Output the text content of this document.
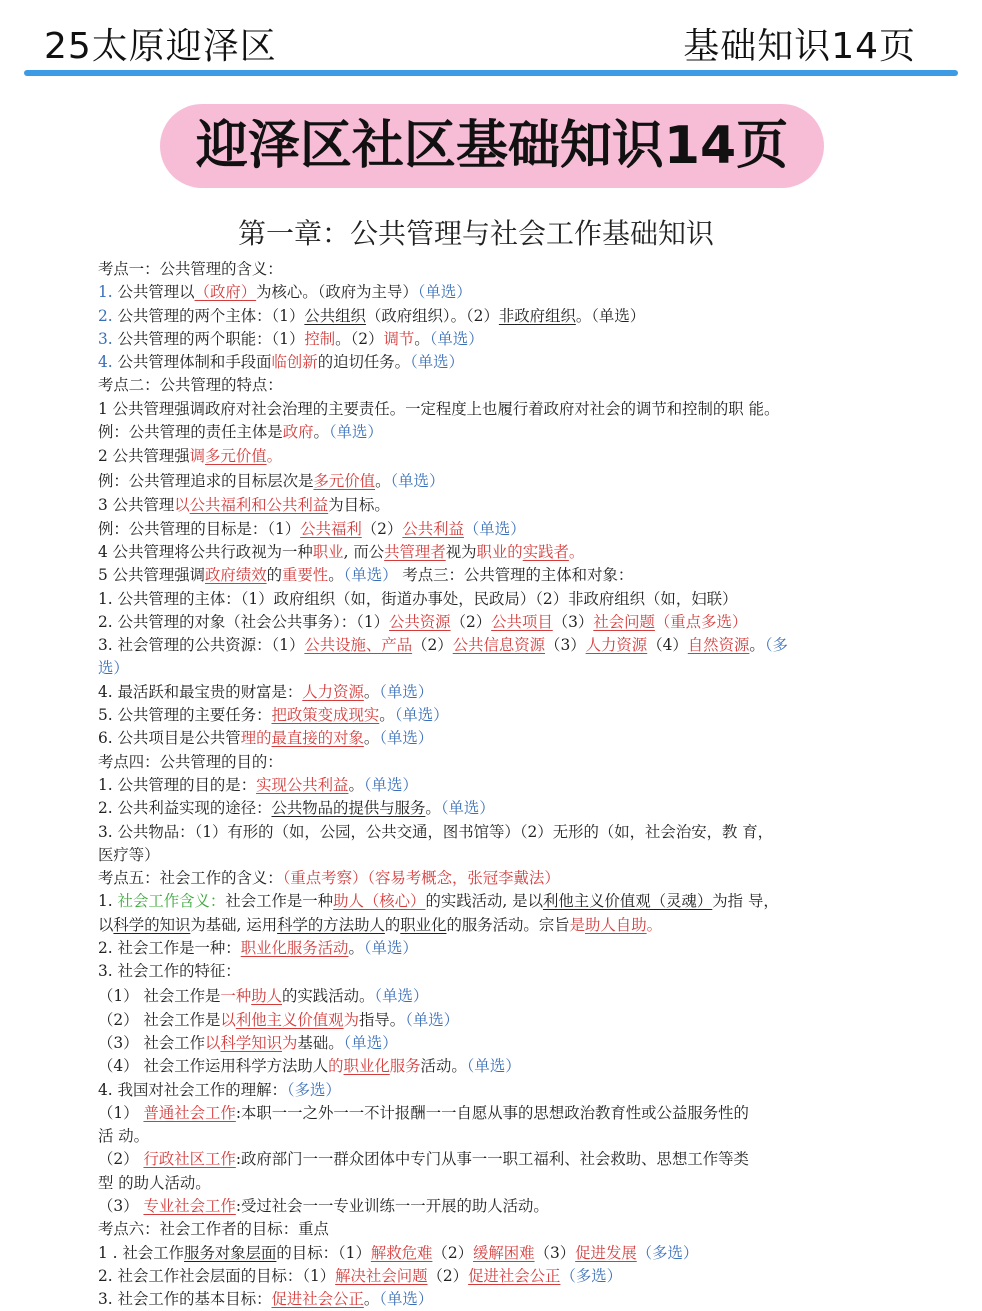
25太原迎泽区	基础知识14页
迎泽区社区基础知识14页
第一章：公共管理与社会工作基础知识
考点一：公共管理的含义：
1. 公共管理以（政府）为核心。（政府为主导）（单选）
2. 公共管理的两个主体：（1）公共组织（政府组织）。（2）非政府组织。（单选）
3. 公共管理的两个职能：（1）控制。（2）调节。（单选）
4. 公共管理体制和手段面临创新的迫切任务。（单选）
考点二：公共管理的特点：
1 公共管理强调政府对社会治理的主要责任。一定程度上也履行着政府对社会的调节和控制的职 能。
例：公共管理的责任主体是政府。（单选）
2 公共管理强调多元价值。
例：公共管理追求的目标层次是多元价值。（单选）
3 公共管理以公共福利和公共利益为目标。
例：公共管理的目标是：（1）公共福利（2）公共利益（单选）
4 公共管理将公共行政视为一种职业, 而公共管理者视为职业的实践者。
5 公共管理强调政府绩效的重要性。（单选） 考点三：公共管理的主体和对象：
1. 公共管理的主体：（1）政府组织（如，街道办事处，民政局）（2）非政府组织（如，妇联）
2. 公共管理的对象（社会公共事务）：（1）公共资源（2）公共项目（3）社会问题（重点多选）
3. 社会管理的公共资源：（1）公共设施、产品（2）公共信息资源（3）人力资源（4）自然资源。（多
选）
4. 最活跃和最宝贵的财富是：人力资源。（单选）
5. 公共管理的主要任务：把政策变成现实。（单选）
6. 公共项目是公共管理的最直接的对象。（单选）
考点四：公共管理的目的：
1. 公共管理的目的是：实现公共利益。（单选）
2. 公共利益实现的途径：公共物品的提供与服务。（单选）
3. 公共物品：（1）有形的（如，公园，公共交通，图书馆等）（2）无形的（如，社会治安，教 育，
医疗等）
考点五：社会工作的含义：（重点考察）（容易考概念，张冠李戴法）
1. 社会工作含义：社会工作是一种助人（核心）的实践活动, 是以利他主义价值观（灵魂）为指 导，
以科学的知识为基础, 运用科学的方法助人的职业化的服务活动。宗旨是助人自助。
2. 社会工作是一种：职业化服务活动。（单选）
3. 社会工作的特征：
（1） 社会工作是一种助人的实践活动。（单选）
（2） 社会工作是以利他主义价值观为指导。（单选）
（3） 社会工作以科学知识为基础。（单选）
（4） 社会工作运用科学方法助人的职业化服务活动。（单选）
4. 我国对社会工作的理解：（多选）
（1） 普通社会工作:本职一一之外一一不计报酬一一自愿从事的思想政治教育性或公益服务性的
活 动。
（2） 行政社区工作:政府部门一一群众团体中专门从事一一职工福利、社会救助、思想工作等类
型 的助人活动。
（3） 专业社会工作:受过社会一一专业训练一一开展的助人活动。
考点六：社会工作者的目标：重点
1 . 社会工作服务对象层面的目标：（1）解救危难（2）缓解困难（3）促进发展（多选）
2. 社会工作社会层面的目标：（1）解决社会问题（2）促进社会公正（多选）
3. 社会工作的基本目标：促进社会公正。（单选）
